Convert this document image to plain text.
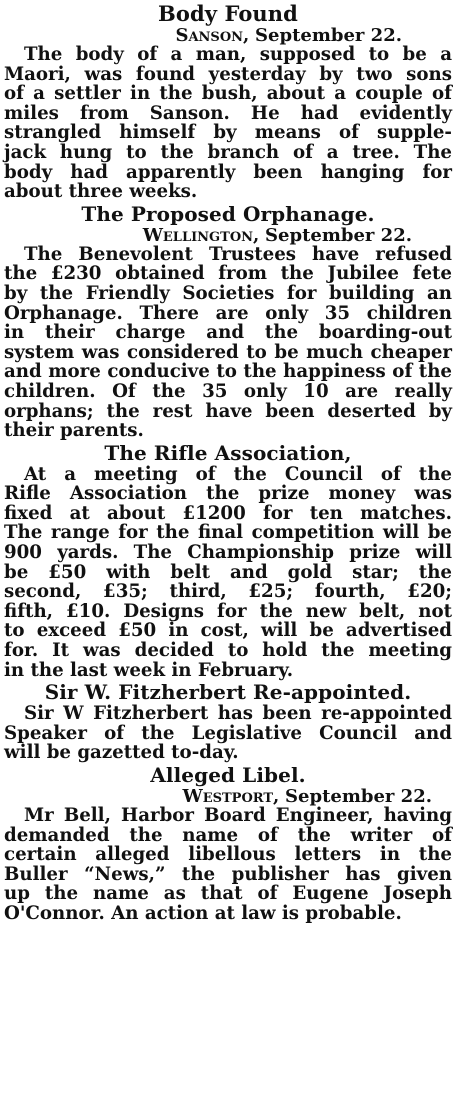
Body Found
Sanson, September 22.
The body of a man, supposed to be a
Maori, was found yesterday by two sons
of a settler in the bush, about a couple of
miles from Sanson. He had evidently
strangled himself by means of supple-
jack hung to the branch of a tree. The
body had apparently been hanging for
about three weeks.
The Proposed Orphanage.
Wellington, September 22.
The Benevolent Trustees have refused
the £230 obtained from the Jubilee fete
by the Friendly Societies for building an
Orphanage. There are only 35 children
in their charge and the boarding-out
system was considered to be much cheaper
and more conducive to the happiness of the
children. Of the 35 only 10 are really
orphans; the rest have been deserted by
their parents.
The Rifle Association,
At a meeting of the Council of the
Rifle Association the prize money was
fixed at about £1200 for ten matches.
The range for the final competition will be
900 yards. The Championship prize will
be £50 with belt and gold star; the
second, £35; third, £25; fourth, £20;
fifth, £10. Designs for the new belt, not
to exceed £50 in cost, will be advertised
for. It was decided to hold the meeting
in the last week in February.
Sir W. Fitzherbert Re-appointed.
Sir W Fitzherbert has been re-appointed
Speaker of the Legislative Council and
will be gazetted to-day.
Alleged Libel.
Westport, September 22.
Mr Bell, Harbor Board Engineer, having
demanded the name of the writer of
certain alleged libellous letters in the
Buller “News,” the publisher has given
up the name as that of Eugene Joseph
O'Connor. An action at law is probable.
